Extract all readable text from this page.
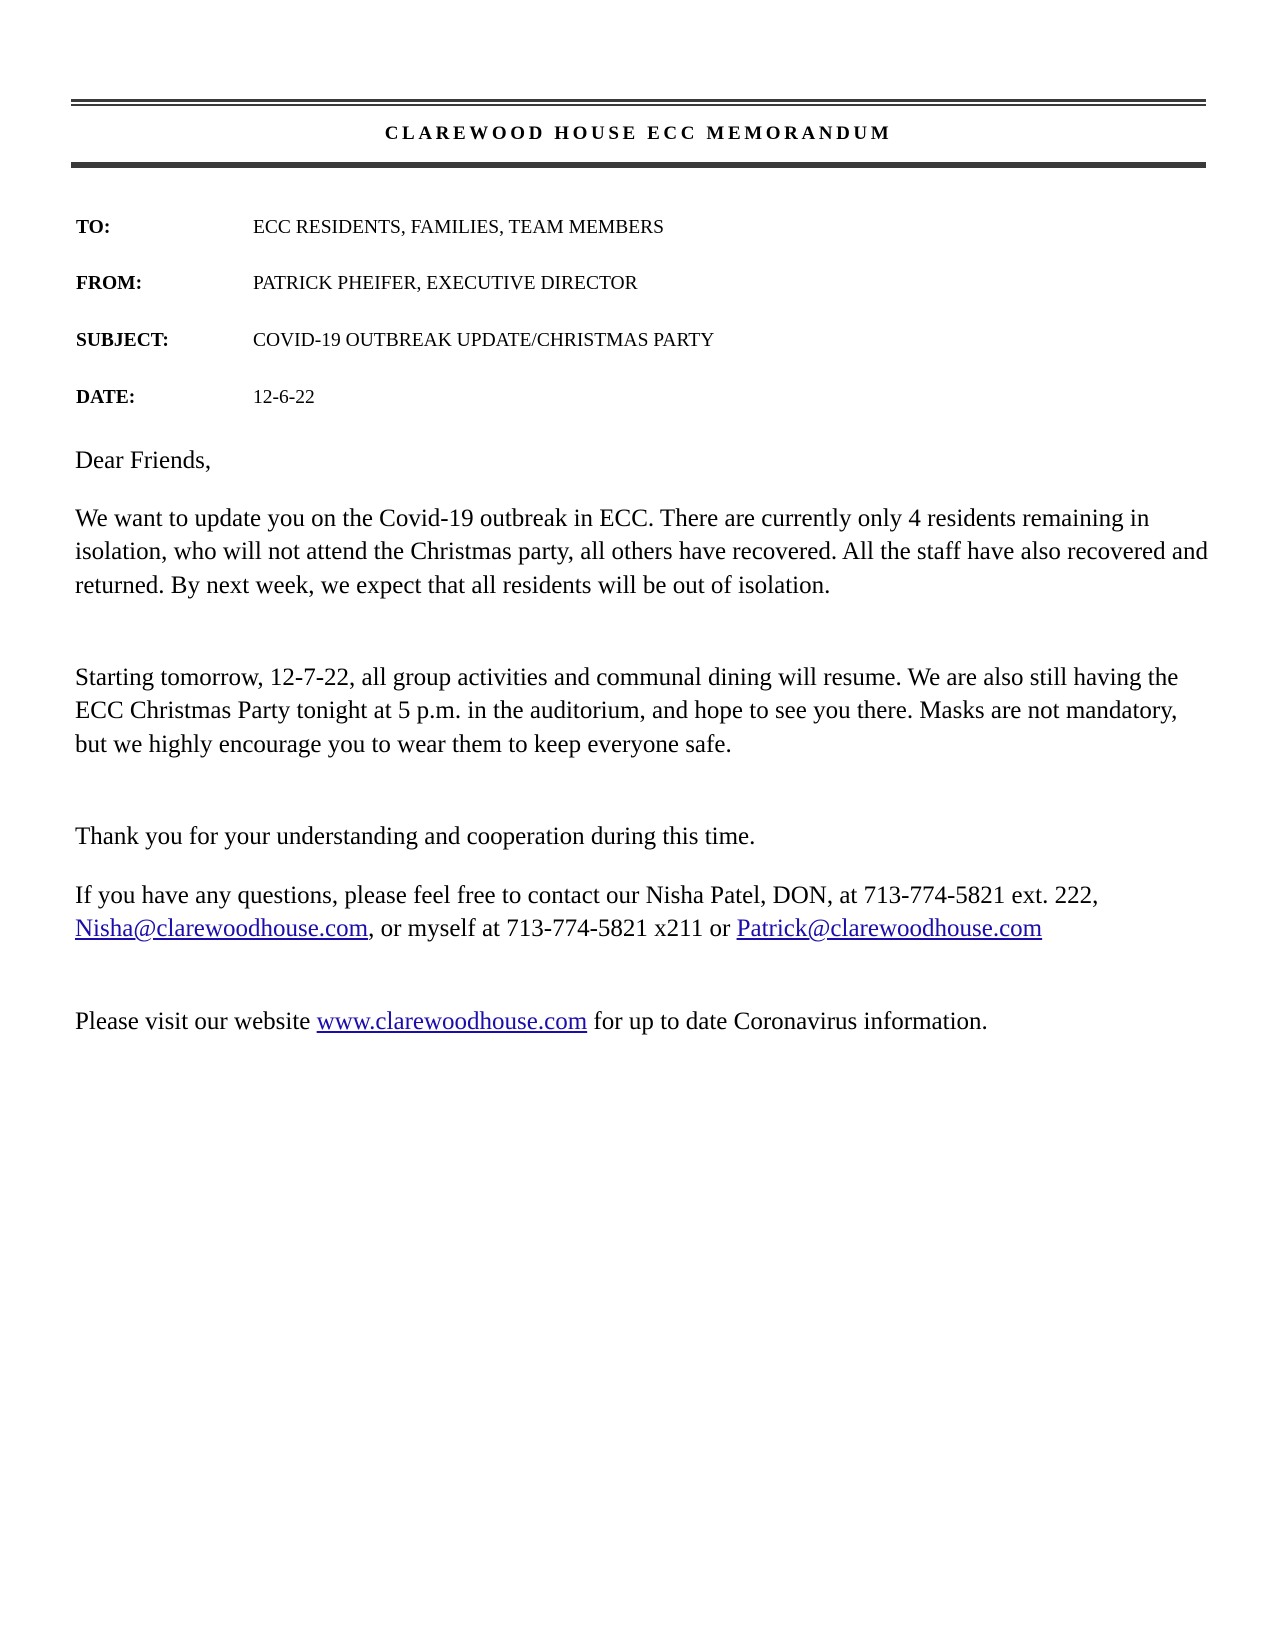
CLAREWOOD HOUSE ECC MEMORANDUM
TO:	ECC RESIDENTS, FAMILIES, TEAM MEMBERS
FROM:	PATRICK PHEIFER, EXECUTIVE DIRECTOR
SUBJECT:	COVID-19 OUTBREAK UPDATE/CHRISTMAS PARTY
DATE:	12-6-22
Dear Friends,

We want to update you on the Covid-19 outbreak in ECC. There are currently only 4 residents remaining in isolation, who will not attend the Christmas party, all others have recovered. All the staff have also recovered and returned. By next week, we expect that all residents will be out of isolation.

Starting tomorrow, 12-7-22, all group activities and communal dining will resume. We are also still having the ECC Christmas Party tonight at 5 p.m. in the auditorium, and hope to see you there. Masks are not mandatory, but we highly encourage you to wear them to keep everyone safe.

Thank you for your understanding and cooperation during this time.

If you have any questions, please feel free to contact our Nisha Patel, DON, at 713-774-5821 ext. 222, Nisha@clarewoodhouse.com, or myself at 713-774-5821 x211 or Patrick@clarewoodhouse.com

Please visit our website www.clarewoodhouse.com for up to date Coronavirus information.
